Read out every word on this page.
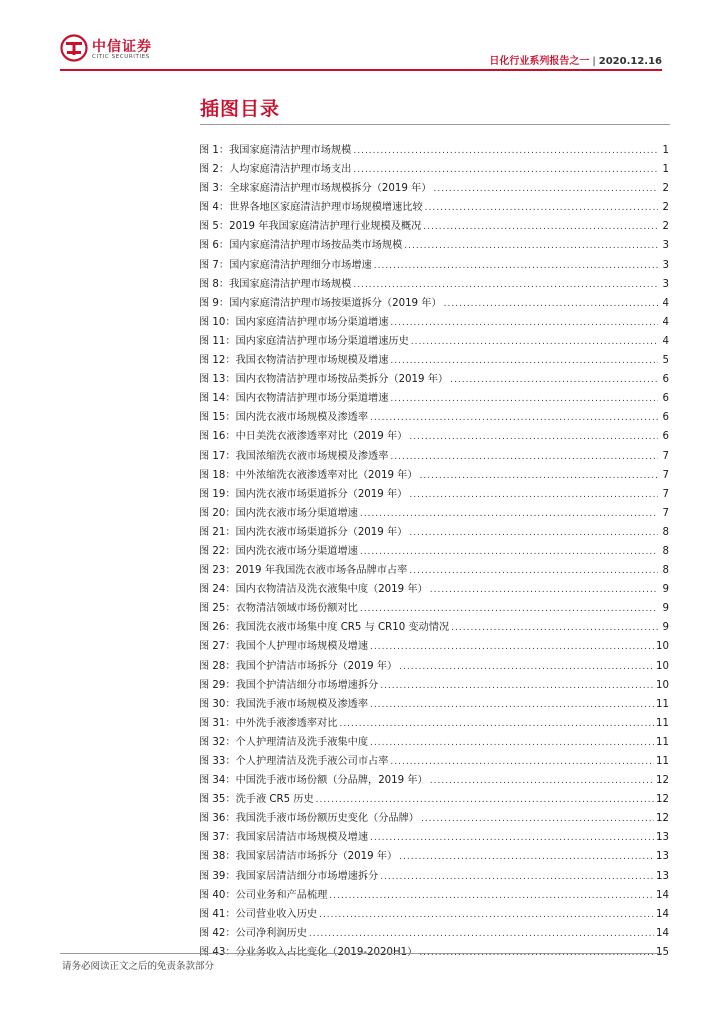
中信证券
CITIC SECURITIES	日化行业系列报告之一 | 2020.12.16
插图目录
图 1： 我国家庭清洁护理市场规模 .....	1
图 2： 人均家庭清洁护理市场支出 .....	1
图 3： 全球家庭清洁护理市场规模拆分（2019 年） .....	2
图 4： 世界各地区家庭清洁护理市场规模增速比较 .....	2
图 5： 2019 年我国家庭清洁护理行业规模及概况 .....	2
图 6： 国内家庭清洁护理市场按品类市场规模 .....	3
图 7： 国内家庭清洁护理细分市场增速 .....	3
图 8： 我国家庭清洁护理市场规模 .....	3
图 9： 国内家庭清洁护理市场按渠道拆分（2019 年） .....	4
图 10： 国内家庭清洁护理市场分渠道增速 .....	4
图 11： 国内家庭清洁护理市场分渠道增速历史 .....	4
图 12： 我国衣物清洁护理市场规模及增速 .....	5
图 13： 国内衣物清洁护理市场按品类拆分（2019 年） .....	6
图 14： 国内衣物清洁护理市场分渠道增速 .....	6
图 15： 国内洗衣液市场规模及渗透率 .....	6
图 16： 中日美洗衣液渗透率对比（2019 年） .....	6
图 17： 我国浓缩洗衣液市场规模及渗透率 .....	7
图 18： 中外浓缩洗衣液渗透率对比（2019 年） .....	7
图 19： 国内洗衣液市场渠道拆分（2019 年） .....	7
图 20： 国内洗衣液市场分渠道增速 .....	7
图 21： 国内洗衣液市场渠道拆分（2019 年） .....	8
图 22： 国内洗衣液市场分渠道增速 .....	8
图 23： 2019 年我国洗衣液市场各品牌市占率 .....	8
图 24： 国内衣物清洁及洗衣液集中度（2019 年） .....	9
图 25： 衣物清洁领域市场份额对比 .....	9
图 26： 我国洗衣液市场集中度 CR5 与 CR10 变动情况 .....	9
图 27： 我国个人护理市场规模及增速 .....	10
图 28： 我国个护清洁市场拆分（2019 年） .....	10
图 29： 我国个护清洁细分市场增速拆分 .....	10
图 30： 我国洗手液市场规模及渗透率 .....	11
图 31： 中外洗手液渗透率对比 .....	11
图 32： 个人护理清洁及洗手液集中度 .....	11
图 33： 个人护理清洁及洗手液公司市占率 .....	11
图 34： 中国洗手液市场份额（分品牌，2019 年） .....	12
图 35： 洗手液 CR5 历史 .....	12
图 36： 我国洗手液市场份额历史变化（分品牌） .....	12
图 37： 我国家居清洁市场规模及增速 .....	13
图 38： 我国家居清洁市场拆分（2019 年） .....	13
图 39： 我国家居清洁细分市场增速拆分 .....	13
图 40： 公司业务和产品梳理 .....	14
图 41： 公司营业收入历史 .....	14
图 42： 公司净利润历史 .....	14
图 43： 分业务收入占比变化（2019-2020H1） .....	15
请务必阅读正文之后的免责条款部分
